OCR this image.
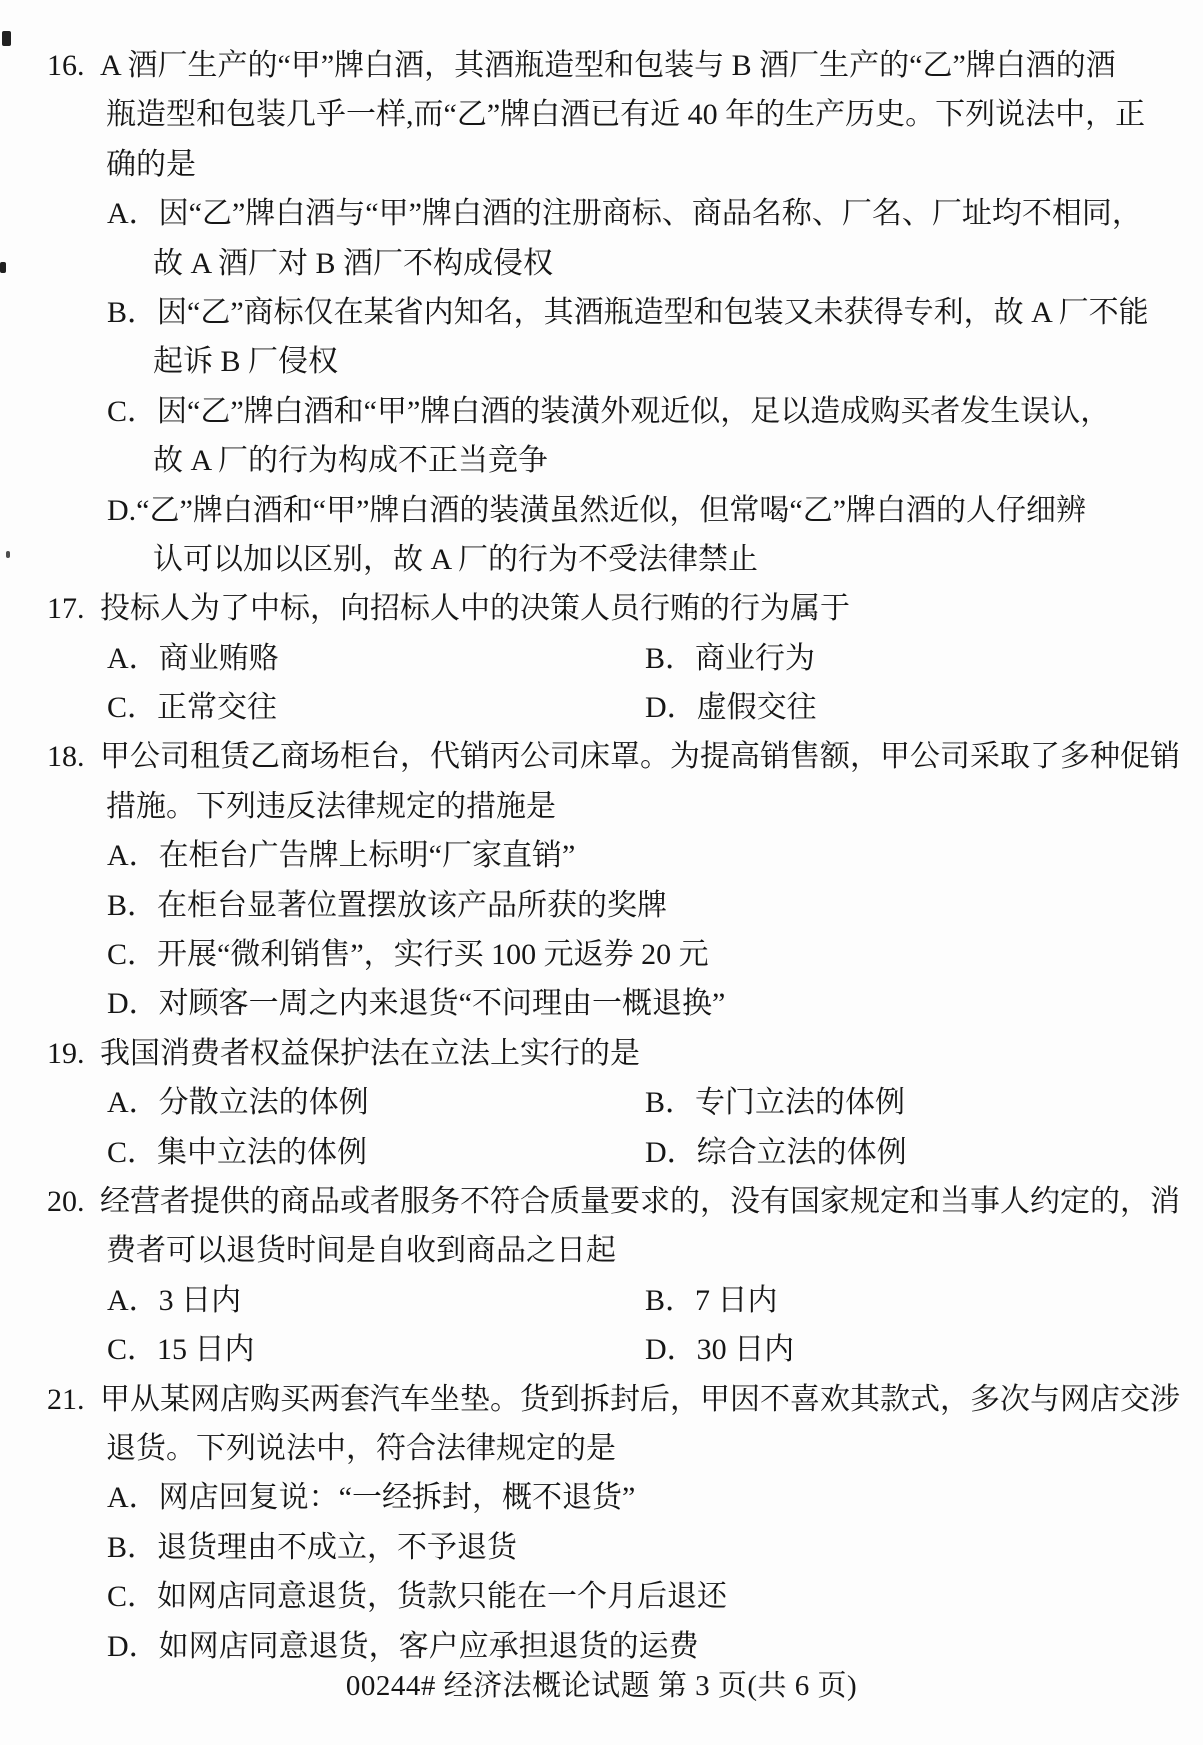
16. A 酒厂生产的“甲”牌白酒，其酒瓶造型和包装与 B 酒厂生产的“乙”牌白酒的酒
瓶造型和包装几乎一样,而“乙”牌白酒已有近 40 年的生产历史。下列说法中，正
确的是
A．因“乙”牌白酒与“甲”牌白酒的注册商标、商品名称、厂名、厂址均不相同，
故 A 酒厂对 B 酒厂不构成侵权
B．因“乙”商标仅在某省内知名，其酒瓶造型和包装又未获得专利，故 A 厂不能
起诉 B 厂侵权
C．因“乙”牌白酒和“甲”牌白酒的装潢外观近似，足以造成购买者发生误认，
故 A 厂的行为构成不正当竞争
D.“乙”牌白酒和“甲”牌白酒的装潢虽然近似，但常喝“乙”牌白酒的人仔细辨
认可以加以区别，故 A 厂的行为不受法律禁止
17. 投标人为了中标，向招标人中的决策人员行贿的行为属于
A．商业贿赂	B．商业行为
C．正常交往	D．虚假交往
18. 甲公司租赁乙商场柜台，代销丙公司床罩。为提高销售额，甲公司采取了多种促销
措施。下列违反法律规定的措施是
A．在柜台广告牌上标明“厂家直销”
B．在柜台显著位置摆放该产品所获的奖牌
C．开展“微利销售”，实行买 100 元返券 20 元
D．对顾客一周之内来退货“不问理由一概退换”
19. 我国消费者权益保护法在立法上实行的是
A．分散立法的体例	B．专门立法的体例
C．集中立法的体例	D．综合立法的体例
20. 经营者提供的商品或者服务不符合质量要求的，没有国家规定和当事人约定的，消
费者可以退货时间是自收到商品之日起
A．3 日内	B．7 日内
C．15 日内	D．30 日内
21. 甲从某网店购买两套汽车坐垫。货到拆封后，甲因不喜欢其款式，多次与网店交涉
退货。下列说法中，符合法律规定的是
A．网店回复说：“一经拆封，概不退货”
B．退货理由不成立，不予退货
C．如网店同意退货，货款只能在一个月后退还
D．如网店同意退货，客户应承担退货的运费
00244# 经济法概论试题 第 3 页(共 6 页)
